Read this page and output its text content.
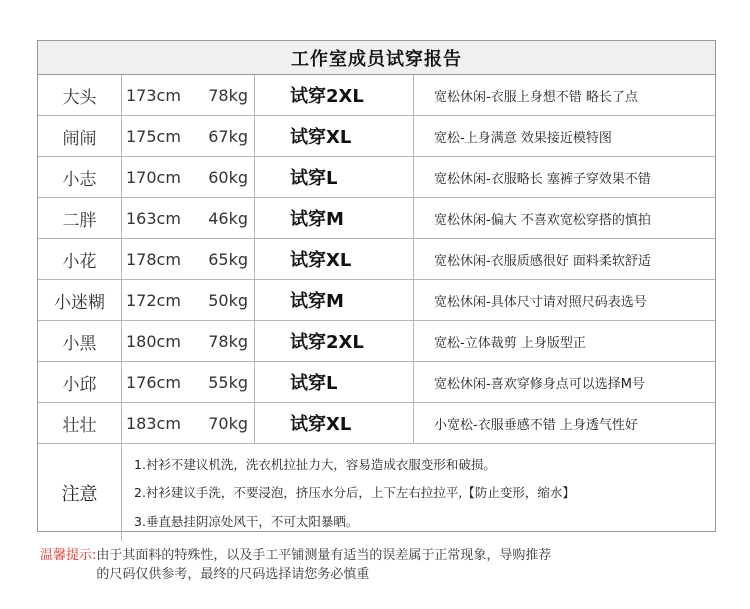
工作室成员试穿报告
大头	173cm 78kg	试穿2XL	宽松休闲-衣服上身想不错 略长了点
闹闹	175cm 67kg	试穿XL	宽松-上身满意 效果接近模特图
小志	170cm 60kg	试穿L	宽松休闲-衣服略长 塞裤子穿效果不错
二胖	163cm 46kg	试穿M	宽松休闲-偏大 不喜欢宽松穿搭的慎拍
小花	178cm 65kg	试穿XL	宽松休闲-衣服质感很好 面料柔软舒适
小迷糊	172cm 50kg	试穿M	宽松休闲-具体尺寸请对照尺码表选号
小黑	180cm 78kg	试穿2XL	宽松-立体裁剪 上身版型正
小邱	176cm 55kg	试穿L	宽松休闲-喜欢穿修身点可以选择M号
壮壮	183cm 70kg	试穿XL	小宽松-衣服垂感不错 上身透气性好
注意
1.衬衫不建议机洗，洗衣机拉扯力大，容易造成衣服变形和破损。
2.衬衫建议手洗，不要浸泡，挤压水分后，上下左右拉拉平,【防止变形，缩水】
3.垂直悬挂阴凉处风干，不可太阳暴晒。
温馨提示: 由于其面料的特殊性，以及手工平铺测量有适当的误差属于正常现象，导购推荐
的尺码仅供参考，最终的尺码选择请您务必慎重
